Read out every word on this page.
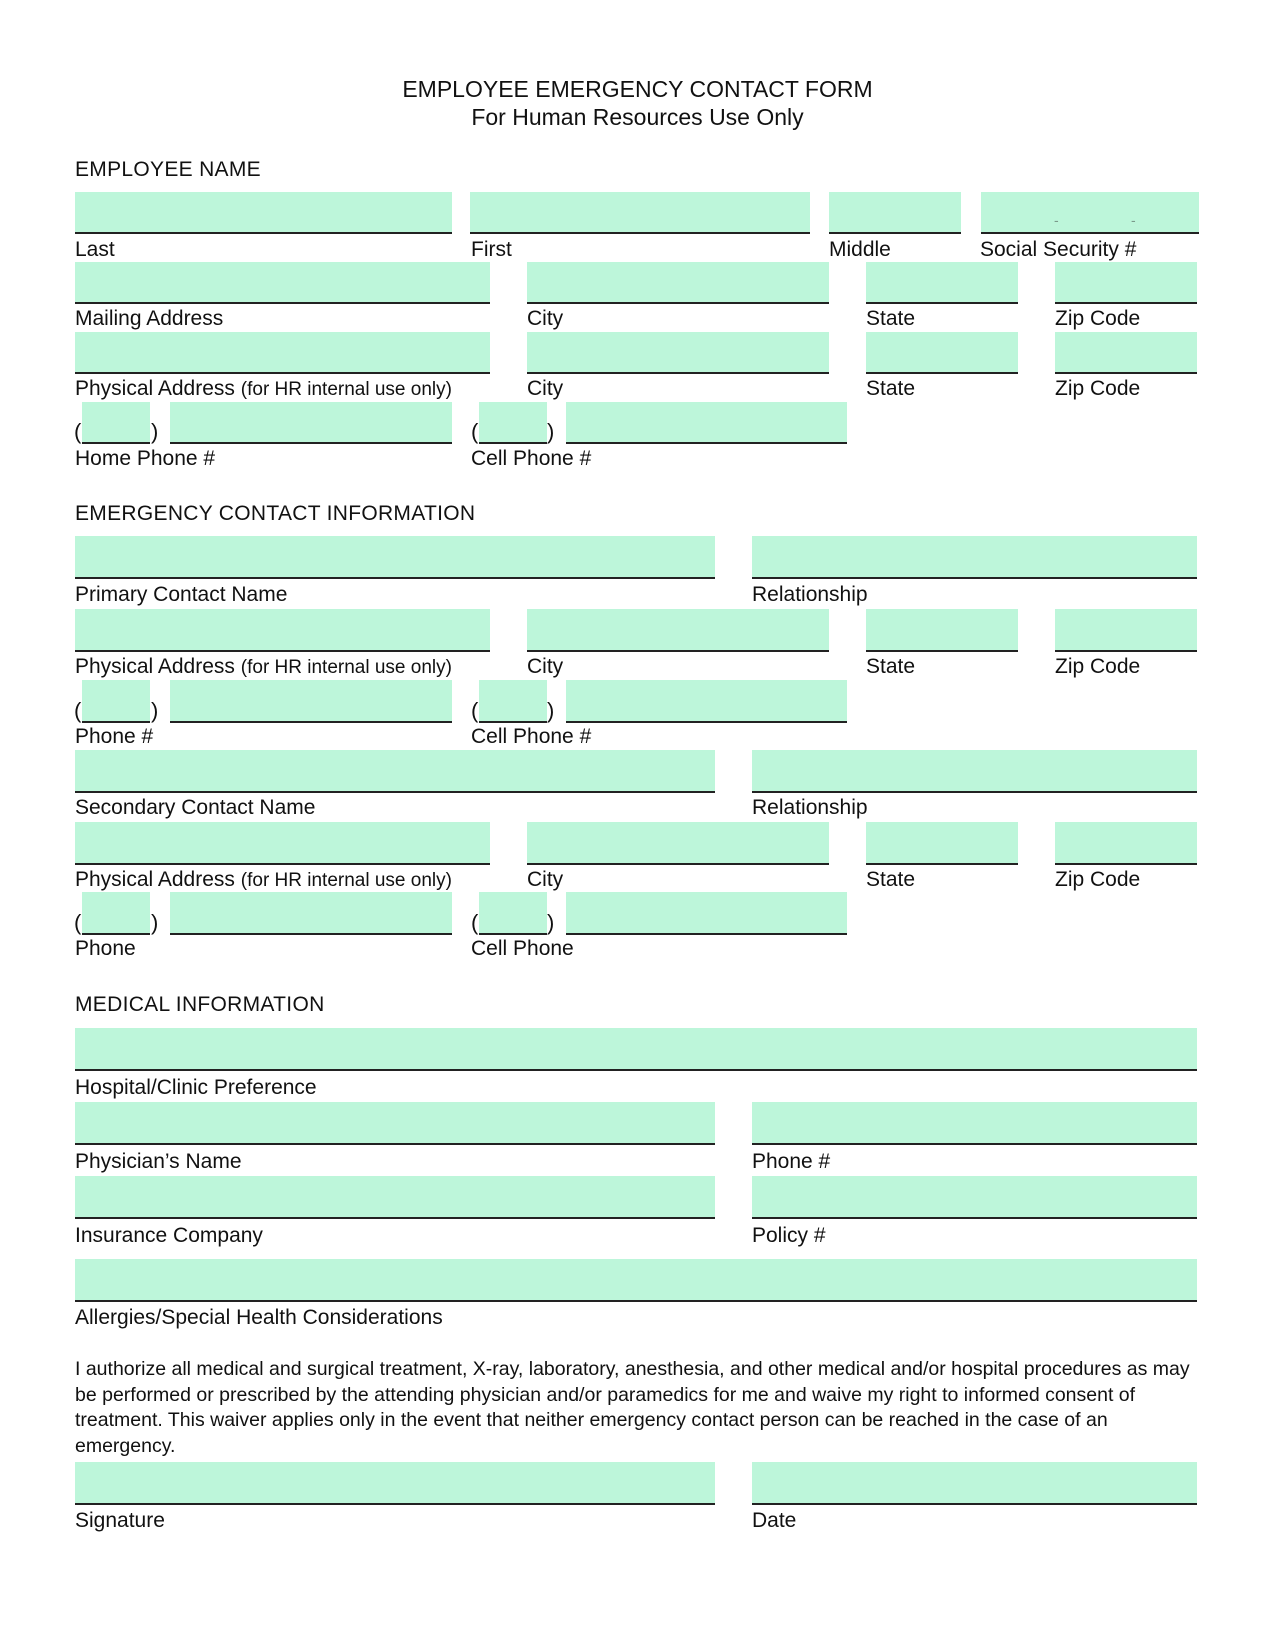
EMPLOYEE EMERGENCY CONTACT FORM
For Human Resources Use Only
EMPLOYEE NAME
-	-
Last	First	Middle	Social Security #
Mailing Address	City	State	Zip Code
Physical Address (for HR internal use only)	City	State	Zip Code
(	)	(	)
Home Phone #	Cell Phone #
EMERGENCY CONTACT INFORMATION
Primary Contact Name	Relationship
Physical Address (for HR internal use only)	City	State	Zip Code
(	)	(	)
Phone #	Cell Phone #
Secondary Contact Name	Relationship
Physical Address (for HR internal use only)	City	State	Zip Code
(	)	(	)
Phone	Cell Phone
MEDICAL INFORMATION
Hospital/Clinic Preference
Physician’s Name	Phone #
Insurance Company	Policy #
Allergies/Special Health Considerations
I authorize all medical and surgical treatment, X-ray, laboratory, anesthesia, and other medical and/or hospital procedures as may be performed or prescribed by the attending physician and/or paramedics for me and waive my right to informed consent of treatment. This waiver applies only in the event that neither emergency contact person can be reached in the case of an emergency.
Signature	Date
